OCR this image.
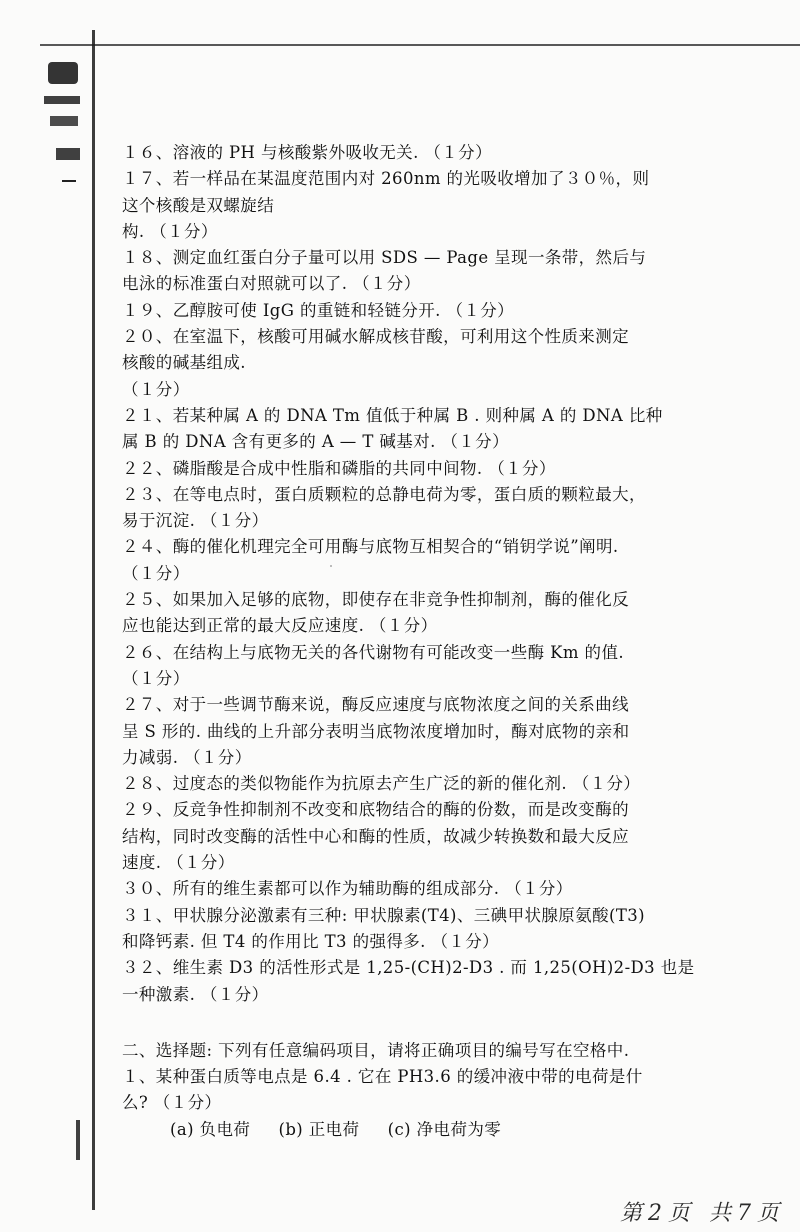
１６、溶液的 PH 与核酸紫外吸收无关. （１分）
１７、若一样品在某温度范围内对 260nm 的光吸收增加了３０％，则
这个核酸是双螺旋结
构. （１分）
１８、测定血红蛋白分子量可以用 SDS — Page 呈现一条带，然后与
电泳的标准蛋白对照就可以了. （１分）
１９、乙醇胺可使 IgG 的重链和轻链分开. （１分）
２０、在室温下，核酸可用碱水解成核苷酸，可利用这个性质来测定
核酸的碱基组成.
（１分）
２１、若某种属 A 的 DNA Tm 值低于种属 B . 则种属 A 的 DNA 比种
属 B 的 DNA 含有更多的 A — T 碱基对. （１分）
２２、磷脂酸是合成中性脂和磷脂的共同中间物. （１分）
２３、在等电点时，蛋白质颗粒的总静电荷为零，蛋白质的颗粒最大，
易于沉淀. （１分）
２４、酶的催化机理完全可用酶与底物互相契合的“销钥学说”阐明.
（１分）
２５、如果加入足够的底物，即使存在非竞争性抑制剂，酶的催化反
应也能达到正常的最大反应速度. （１分）
２６、在结构上与底物无关的各代谢物有可能改变一些酶 Km 的值.
（１分）
２７、对于一些调节酶来说，酶反应速度与底物浓度之间的关系曲线
呈 S 形的. 曲线的上升部分表明当底物浓度增加时，酶对底物的亲和
力减弱. （１分）
２８、过度态的类似物能作为抗原去产生广泛的新的催化剂. （１分）
２９、反竞争性抑制剂不改变和底物结合的酶的份数，而是改变酶的
结构，同时改变酶的活性中心和酶的性质，故减少转换数和最大反应
速度. （１分）
３０、所有的维生素都可以作为辅助酶的组成部分. （１分）
３１、甲状腺分泌激素有三种: 甲状腺素(T4)、三碘甲状腺原氨酸(T3)
和降钙素. 但 T4 的作用比 T3 的强得多. （１分）
３２、维生素 D3 的活性形式是 1,25-(CH)2-D3 . 而 1,25(OH)2-D3 也是
一种激素. （１分）
二、选择题: 下列有任意编码项目，请将正确项目的编号写在空格中.
１、某种蛋白质等电点是 6.4 . 它在 PH3.6 的缓冲液中带的电荷是什
么? （１分）
(a) 负电荷     (b) 正电荷     (c) 净电荷为零
第2页 共7页
